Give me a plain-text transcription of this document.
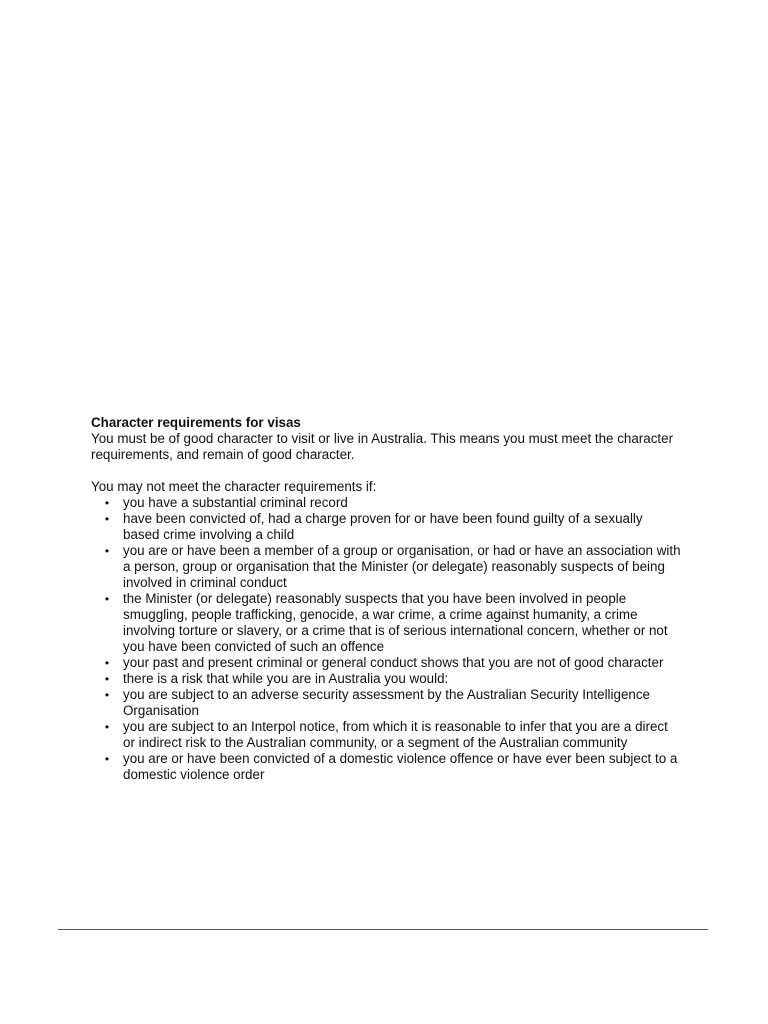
Character requirements for visas

You must be of good character to visit or live in Australia. This means you must meet the character requirements, and remain of good character.

You may not meet the character requirements if:

• you have a substantial criminal record
• have been convicted of, had a charge proven for or have been found guilty of a sexually based crime involving a child
• you are or have been a member of a group or organisation, or had or have an association with a person, group or organisation that the Minister (or delegate) reasonably suspects of being involved in criminal conduct
• the Minister (or delegate) reasonably suspects that you have been involved in people smuggling, people trafficking, genocide, a war crime, a crime against humanity, a crime involving torture or slavery, or a crime that is of serious international concern, whether or not you have been convicted of such an offence
• your past and present criminal or general conduct shows that you are not of good character
• there is a risk that while you are in Australia you would:
• you are subject to an adverse security assessment by the Australian Security Intelligence Organisation
• you are subject to an Interpol notice, from which it is reasonable to infer that you are a direct or indirect risk to the Australian community, or a segment of the Australian community
• you are or have been convicted of a domestic violence offence or have ever been subject to a domestic violence order
